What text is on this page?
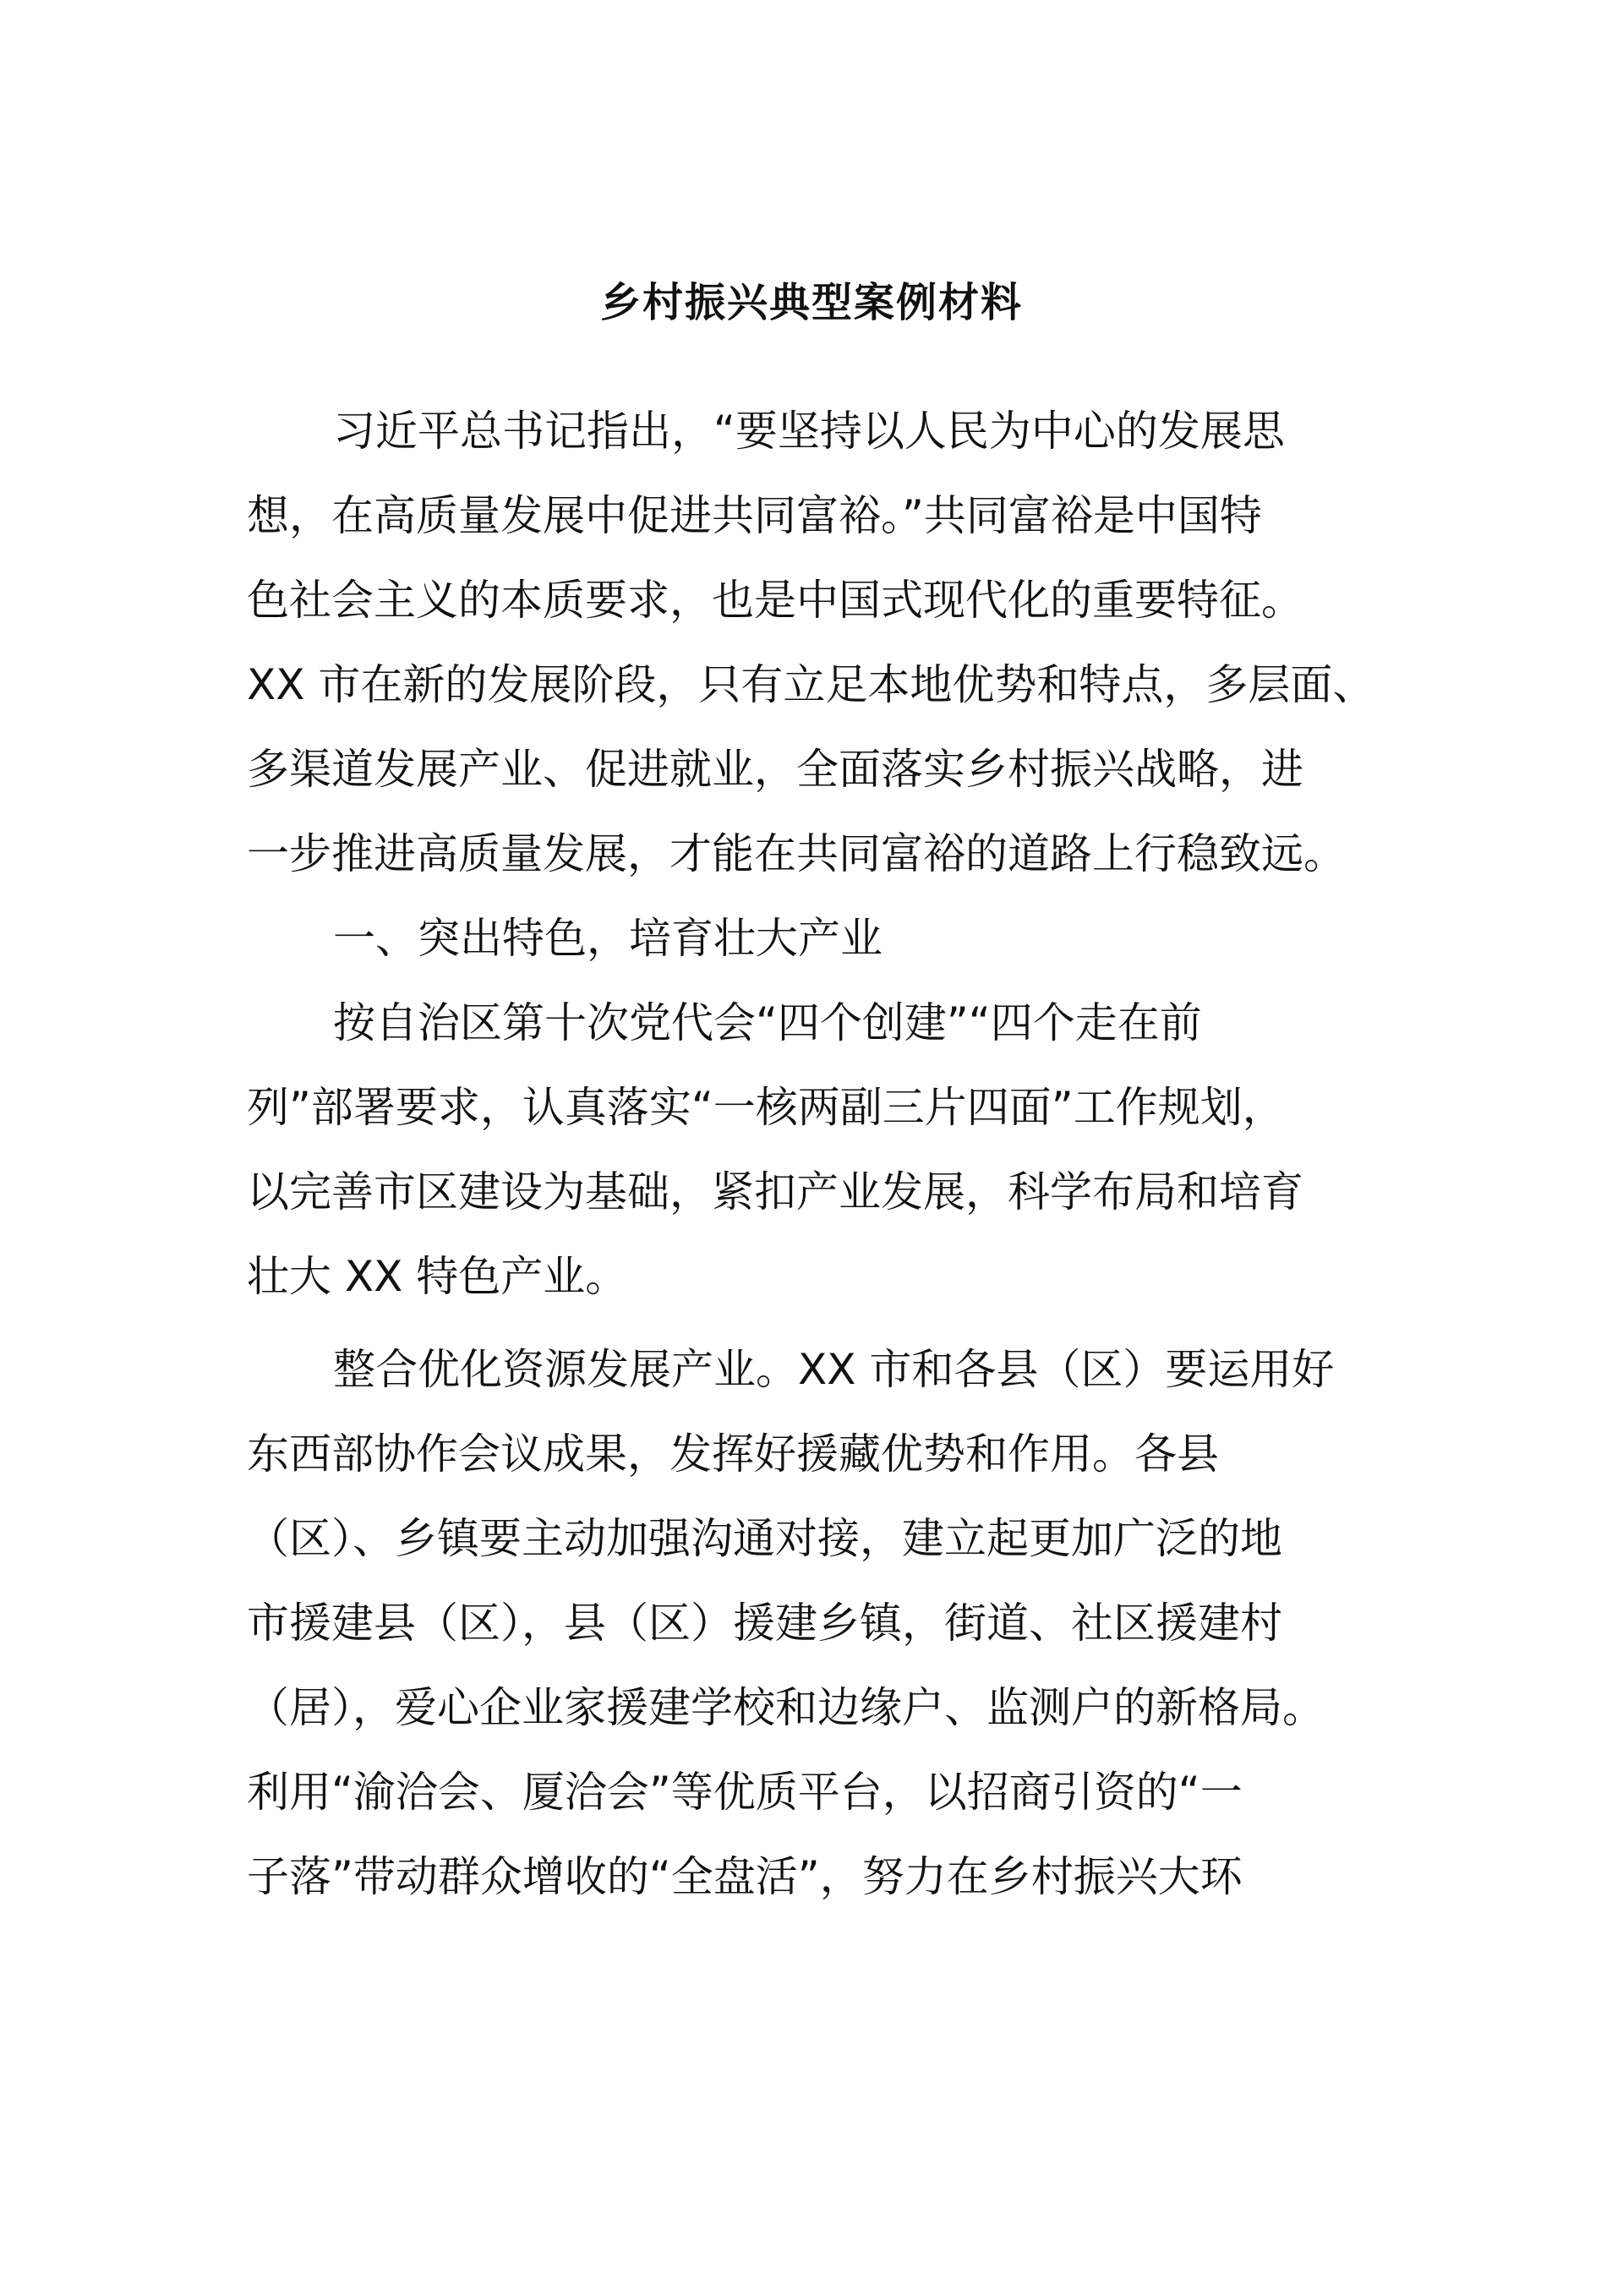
乡村振兴典型案例材料

习近平总书记指出，“要坚持以人民为中心的发展思

想，在高质量发展中促进共同富裕。”共同富裕是中国特

色社会主义的本质要求，也是中国式现代化的重要特征。

XX 市在新的发展阶段，只有立足本地优势和特点，多层面、

多渠道发展产业、促进就业，全面落实乡村振兴战略，进

一步推进高质量发展，才能在共同富裕的道路上行稳致远。

一、突出特色，培育壮大产业

按自治区第十次党代会“四个创建”“四个走在前

列”部署要求，认真落实“一核两副三片四面”工作规划，

以完善市区建设为基础，紧扣产业发展，科学布局和培育

壮大 XX 特色产业。

整合优化资源发展产业。XX 市和各县（区）要运用好

东西部协作会议成果，发挥好援藏优势和作用。各县

（区）、乡镇要主动加强沟通对接，建立起更加广泛的地

市援建县（区），县（区）援建乡镇，街道、社区援建村

（居），爱心企业家援建学校和边缘户、监测户的新格局。

利用“渝洽会、厦洽会”等优质平台，以招商引资的“一

子落”带动群众增收的“全盘活”，努力在乡村振兴大环
